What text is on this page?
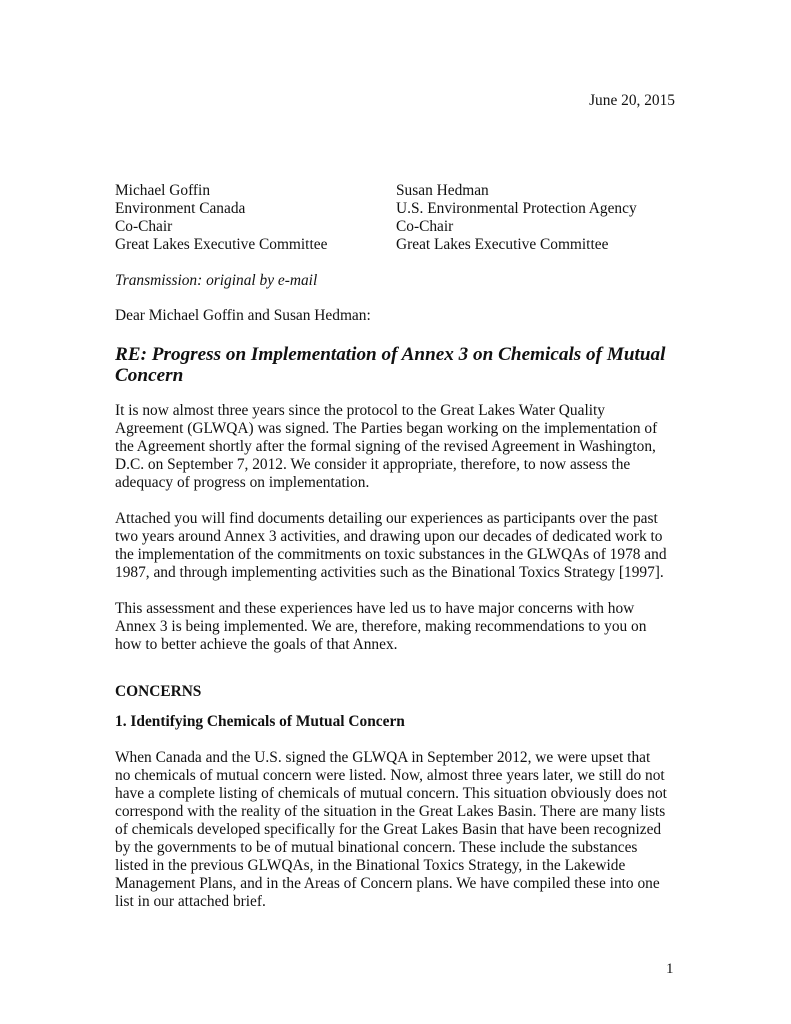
June 20, 2015
Michael Goffin
Environment Canada
Co-Chair
Great Lakes Executive Committee
Susan Hedman
U.S. Environmental Protection Agency
Co-Chair
Great Lakes Executive Committee
Transmission: original by e-mail
Dear Michael Goffin and Susan Hedman:
RE: Progress on Implementation of Annex 3 on Chemicals of Mutual Concern
It is now almost three years since the protocol to the Great Lakes Water Quality
Agreement (GLWQA) was signed. The Parties began working on the implementation of
the Agreement shortly after the formal signing of the revised Agreement in Washington,
D.C. on September 7, 2012. We consider it appropriate, therefore, to now assess the
adequacy of progress on implementation.
Attached you will find documents detailing our experiences as participants over the past
two years around Annex 3 activities, and drawing upon our decades of dedicated work to
the implementation of the commitments on toxic substances in the GLWQAs of 1978 and
1987, and through implementing activities such as the Binational Toxics Strategy [1997].
This assessment and these experiences have led us to have major concerns with how
Annex 3 is being implemented. We are, therefore, making recommendations to you on
how to better achieve the goals of that Annex.
CONCERNS
1. Identifying Chemicals of Mutual Concern
When Canada and the U.S. signed the GLWQA in September 2012, we were upset that
no chemicals of mutual concern were listed. Now, almost three years later, we still do not
have a complete listing of chemicals of mutual concern. This situation obviously does not
correspond with the reality of the situation in the Great Lakes Basin. There are many lists
of chemicals developed specifically for the Great Lakes Basin that have been recognized
by the governments to be of mutual binational concern. These include the substances
listed in the previous GLWQAs, in the Binational Toxics Strategy, in the Lakewide
Management Plans, and in the Areas of Concern plans. We have compiled these into one
list in our attached brief.
1
